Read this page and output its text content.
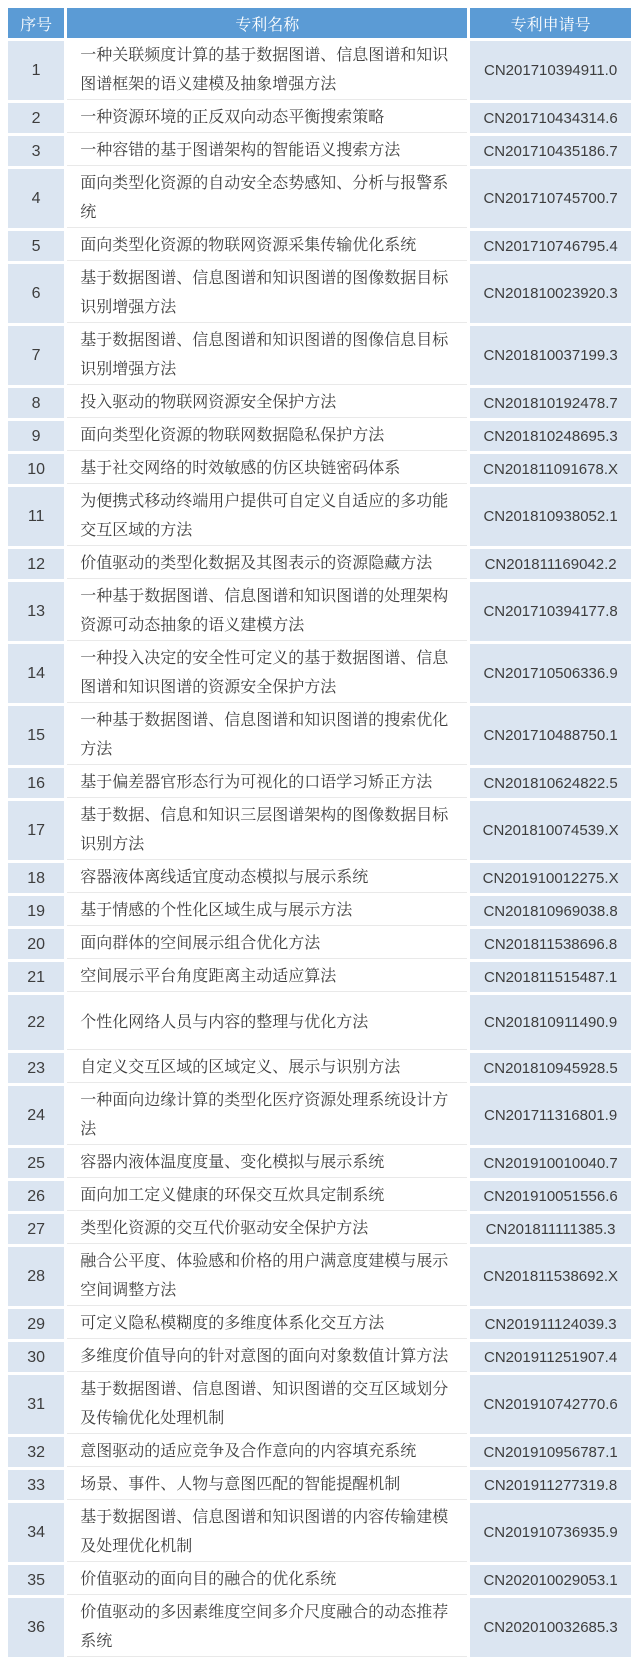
序号	专利名称	专利申请号
1	一种关联频度计算的基于数据图谱、信息图谱和知识图谱框架的语义建模及抽象增强方法	CN201710394911.0
2	一种资源环境的正反双向动态平衡搜索策略	CN201710434314.6
3	一种容错的基于图谱架构的智能语义搜索方法	CN201710435186.7
4	面向类型化资源的自动安全态势感知、分析与报警系统	CN201710745700.7
5	面向类型化资源的物联网资源采集传输优化系统	CN201710746795.4
6	基于数据图谱、信息图谱和知识图谱的图像数据目标识别增强方法	CN201810023920.3
7	基于数据图谱、信息图谱和知识图谱的图像信息目标识别增强方法	CN201810037199.3
8	投入驱动的物联网资源安全保护方法	CN201810192478.7
9	面向类型化资源的物联网数据隐私保护方法	CN201810248695.3
10	基于社交网络的时效敏感的仿区块链密码体系	CN201811091678.X
11	为便携式移动终端用户提供可自定义自适应的多功能交互区域的方法	CN201810938052.1
12	价值驱动的类型化数据及其图表示的资源隐藏方法	CN201811169042.2
13	一种基于数据图谱、信息图谱和知识图谱的处理架构资源可动态抽象的语义建模方法	CN201710394177.8
14	一种投入决定的安全性可定义的基于数据图谱、信息图谱和知识图谱的资源安全保护方法	CN201710506336.9
15	一种基于数据图谱、信息图谱和知识图谱的搜索优化方法	CN201710488750.1
16	基于偏差器官形态行为可视化的口语学习矫正方法	CN201810624822.5
17	基于数据、信息和知识三层图谱架构的图像数据目标识别方法	CN201810074539.X
18	容器液体离线适宜度动态模拟与展示系统	CN201910012275.X
19	基于情感的个性化区域生成与展示方法	CN201810969038.8
20	面向群体的空间展示组合优化方法	CN201811538696.8
21	空间展示平台角度距离主动适应算法	CN201811515487.1
22	个性化网络人员与内容的整理与优化方法	CN201810911490.9
23	自定义交互区域的区域定义、展示与识别方法	CN201810945928.5
24	一种面向边缘计算的类型化医疗资源处理系统设计方法	CN201711316801.9
25	容器内液体温度度量、变化模拟与展示系统	CN201910010040.7
26	面向加工定义健康的环保交互炊具定制系统	CN201910051556.6
27	类型化资源的交互代价驱动安全保护方法	CN201811111385.3
28	融合公平度、体验感和价格的用户满意度建模与展示空间调整方法	CN201811538692.X
29	可定义隐私模糊度的多维度体系化交互方法	CN201911124039.3
30	多维度价值导向的针对意图的面向对象数值计算方法	CN201911251907.4
31	基于数据图谱、信息图谱、知识图谱的交互区域划分及传输优化处理机制	CN201910742770.6
32	意图驱动的适应竞争及合作意向的内容填充系统	CN201910956787.1
33	场景、事件、人物与意图匹配的智能提醒机制	CN201911277319.8
34	基于数据图谱、信息图谱和知识图谱的内容传输建模及处理优化机制	CN201910736935.9
35	价值驱动的面向目的融合的优化系统	CN202010029053.1
36	价值驱动的多因素维度空间多介尺度融合的动态推荐系统	CN202010032685.3
